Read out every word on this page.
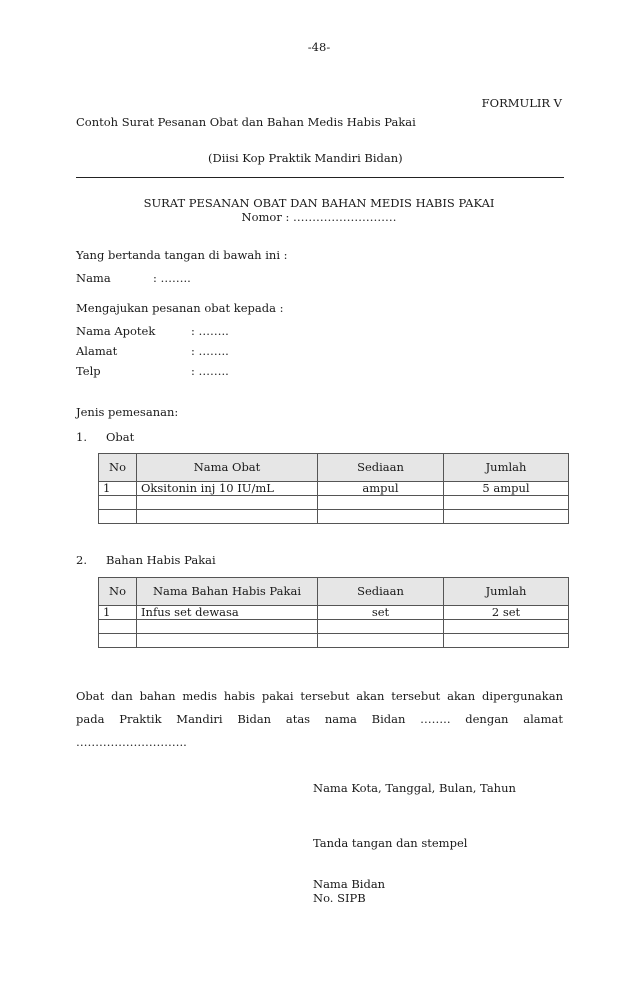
-48-
FORMULIR V
Contoh Surat Pesanan Obat dan Bahan Medis Habis Pakai
(Diisi Kop Praktik Mandiri Bidan)
SURAT PESANAN OBAT DAN BAHAN MEDIS HABIS PAKAI
Nomor : ………………………
Yang bertanda tangan di bawah ini :
Nama	: ……..
Mengajukan pesanan obat kepada :
Nama Apotek	: ……..
Alamat	: ……..
Telp	: ……..
Jenis pemesanan:
1. Obat
No	Nama Obat	Sediaan	Jumlah
1	Oksitonin inj 10 IU/mL	ampul	5 ampul

2. Bahan Habis Pakai
No	Nama Bahan Habis Pakai	Sediaan	Jumlah
1	Infus set dewasa	set	2 set

Obat dan bahan medis habis pakai tersebut akan tersebut akan dipergunakan
pada Praktik Mandiri Bidan atas nama Bidan …….. dengan alamat
………………………..
Nama Kota, Tanggal, Bulan, Tahun
Tanda tangan dan stempel
Nama Bidan
No. SIPB
